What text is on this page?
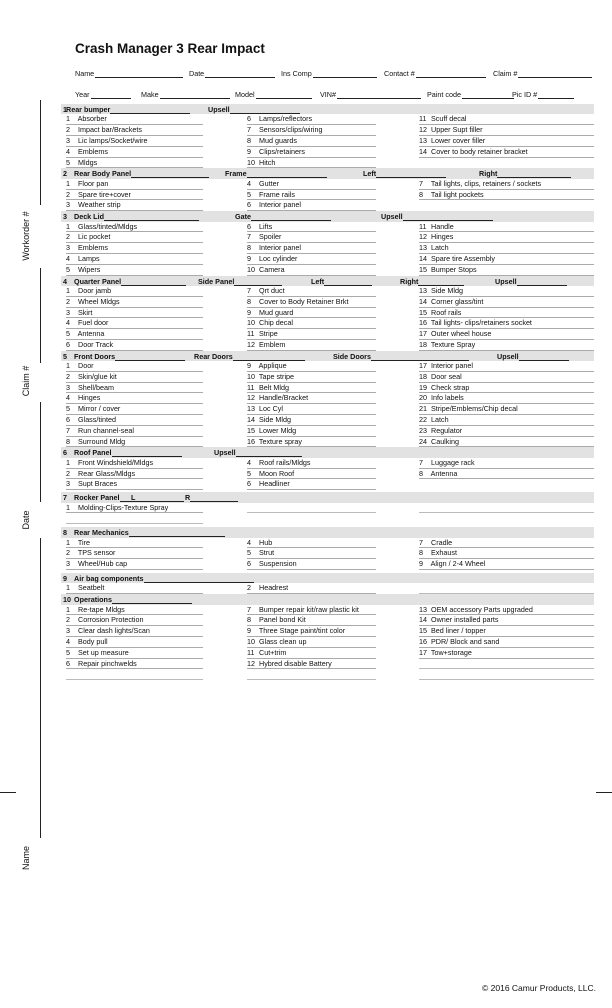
Workorder #
Claim #
Date
Name
Crash Manager 3 Rear Impact
Name	Date	Ins Comp	Contact #	Claim #
Year	Make	Model	VIN#	Paint code	Pic ID #
1 Rear bumper	Upsell
1 Absorber	6 Lamps/reflectors	11 Scuff decal
2 Impact bar/Brackets	7 Sensors/clips/wiring	12 Upper Supt filler
3 Lic lamps/Socket/wire	8 Mud guards	13 Lower cover filler
4 Emblems	9 Clips/retainers	14 Cover to body retainer bracket
5 Mldgs	10 Hitch
2 Rear Body Panel	Frame	Left	Right
1 Floor pan	4 Gutter	7 Tail lights, clips, retainers / sockets
2 Spare tire+cover	5 Frame rails	8 Tail light pockets
3 Weather strip	6 Interior panel
3 Deck Lid	Gate	Upsell
1 Glass/tinted/Mldgs	6 Lifts	11 Handle
2 Lic pocket	7 Spoiler	12 Hinges
3 Emblems	8 Interior panel	13 Latch
4 Lamps	9 Loc cylinder	14 Spare tire Assembly
5 Wipers	10 Camera	15 Bumper Stops
4 Quarter Panel	Side Panel	Left	Right	Upsell
1 Door jamb	7 Qrt duct	13 Side Mldg
2 Wheel Mldgs	8 Cover to Body Retainer Brkt	14 Corner glass/tint
3 Skirt	9 Mud guard	15 Roof rails
4 Fuel door	10 Chip decal	16 Tail lights- clips/retainers socket
5 Antenna	11 Stripe	17 Outer wheel house
6 Door Track	12 Emblem	18 Texture Spray
5 Front Doors	Rear Doors	Side Doors	Upsell
1 Door	9 Applique	17 Interior panel
2 Skin/glue kit	10 Tape stripe	18 Door seal
3 Shell/beam	11 Belt Mldg	19 Check strap
4 Hinges	12 Handle/Bracket	20 Info labels
5 Mirror / cover	13 Loc Cyl	21 Stripe/Emblems/Chip decal
6 Glass/tinted	14 Side Mldg	22 Latch
7 Run channel-seal	15 Lower Mldg	23 Regulator
8 Surround Mldg	16 Texture spray	24 Caulking
6 Roof Panel	Upsell
1 Front Windshield/Mldgs	4 Roof rails/Mldgs	7 Luggage rack
2 Rear Glass/Mldgs	5 Moon Roof	8 Antenna
3 Supt Braces	6 Headliner
7 Rocker Panel	L	R
1 Molding-Clips-Texture Spray
8 Rear Mechanics
1 Tire	4 Hub	7 Cradle
2 TPS sensor	5 Strut	8 Exhaust
3 Wheel/Hub cap	6 Suspension	9 Align / 2-4 Wheel
9 Air bag components
1 Seatbelt	2 Headrest
10 Operations
1 Re-tape Mldgs	7 Bumper repair kit/raw plastic kit	13 OEM accessory Parts upgraded
2 Corrosion Protection	8 Panel bond Kit	14 Owner installed parts
3 Clear dash lights/Scan	9 Three Stage paint/tint color	15 Bed liner / topper
4 Body pull	10 Glass clean up	16 PDR/ Block and sand
5 Set up measure	11 Cut+trim	17 Tow+storage
6 Repair pinchwelds	12 Hybred disable Battery
© 2016 Camur Products, LLC.
